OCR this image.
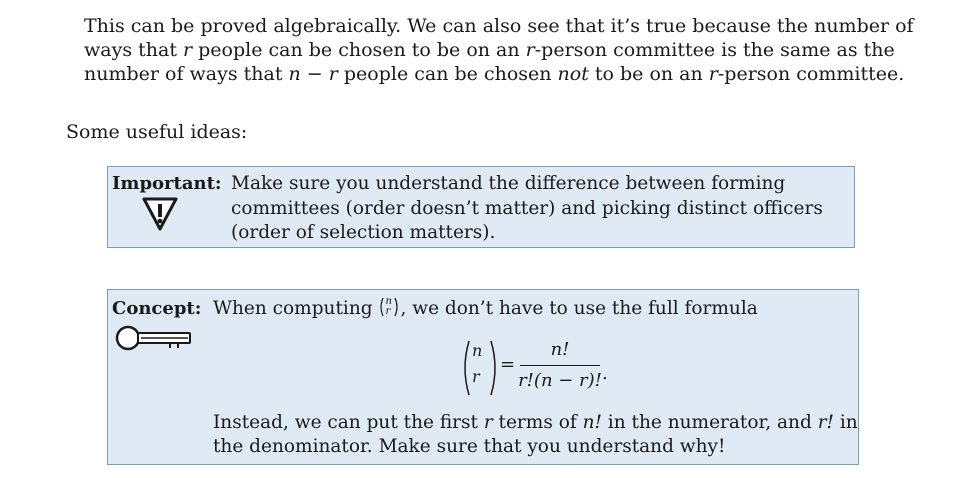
This can be proved algebraically. We can also see that it’s true because the number of ways that r people can be chosen to be on an r-person committee is the same as the number of ways that n − r people can be chosen not to be on an r-person committee.

Some useful ideas:
Important: Make sure you understand the difference between forming committees (order doesn’t matter) and picking distinct officers (order of selection matters).
Concept: When computing n
r , we don’t have to use the full formula
n
r
=
n!
r!(n − r)! .
Instead, we can put the first r terms of n! in the numerator, and r! in the denominator. Make sure that you understand why!
